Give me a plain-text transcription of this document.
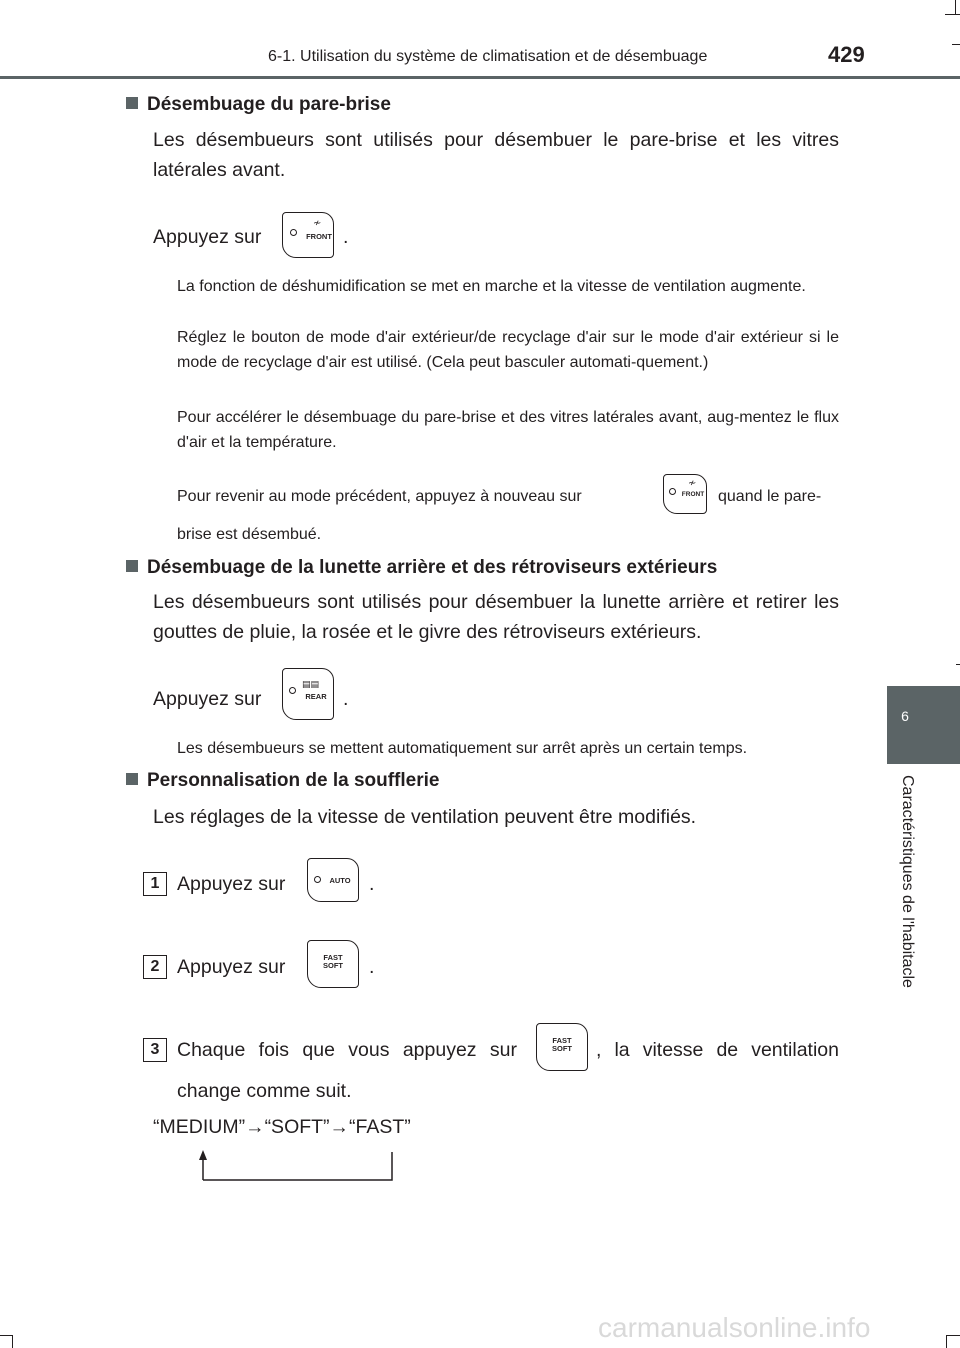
6-1. Utilisation du système de climatisation et de désembuage	429
6
Caractéristiques de l'habitacle
Désembuage du pare-brise
Les désembueurs sont utilisés pour désembuer le pare-brise et les vitres latérales avant.
Appuyez sur
≁
FRONT .
La fonction de déshumidification se met en marche et la vitesse de ventilation augmente.
Réglez le bouton de mode d'air extérieur/de recyclage d'air sur le mode d'air extérieur si le mode de recyclage d'air est utilisé. (Cela peut basculer automati-quement.)
Pour accélérer le désembuage du pare-brise et des vitres latérales avant, aug-mentez le flux d'air et la température.
Pour revenir au mode précédent, appuyez à nouveau sur
≁
FRONT quand le pare-
brise est désembué.
Désembuage de la lunette arrière et des rétroviseurs extérieurs
Les désembueurs sont utilisés pour désembuer la lunette arrière et retirer les gouttes de pluie, la rosée et le givre des rétroviseurs extérieurs.
Appuyez sur
▤▤
REAR .
Les désembueurs se mettent automatiquement sur arrêt après un certain temps.
Personnalisation de la soufflerie
Les réglages de la vitesse de ventilation peuvent être modifiés.
1 Appuyez sur	AUTO .
2 Appuyez sur	FAST
SOFT .
3 Chaque fois que vous appuyez sur	FAST
SOFT , la vitesse de ventilation
change comme suit.
“MEDIUM”→“SOFT”→“FAST”
carmanualsonline.info
